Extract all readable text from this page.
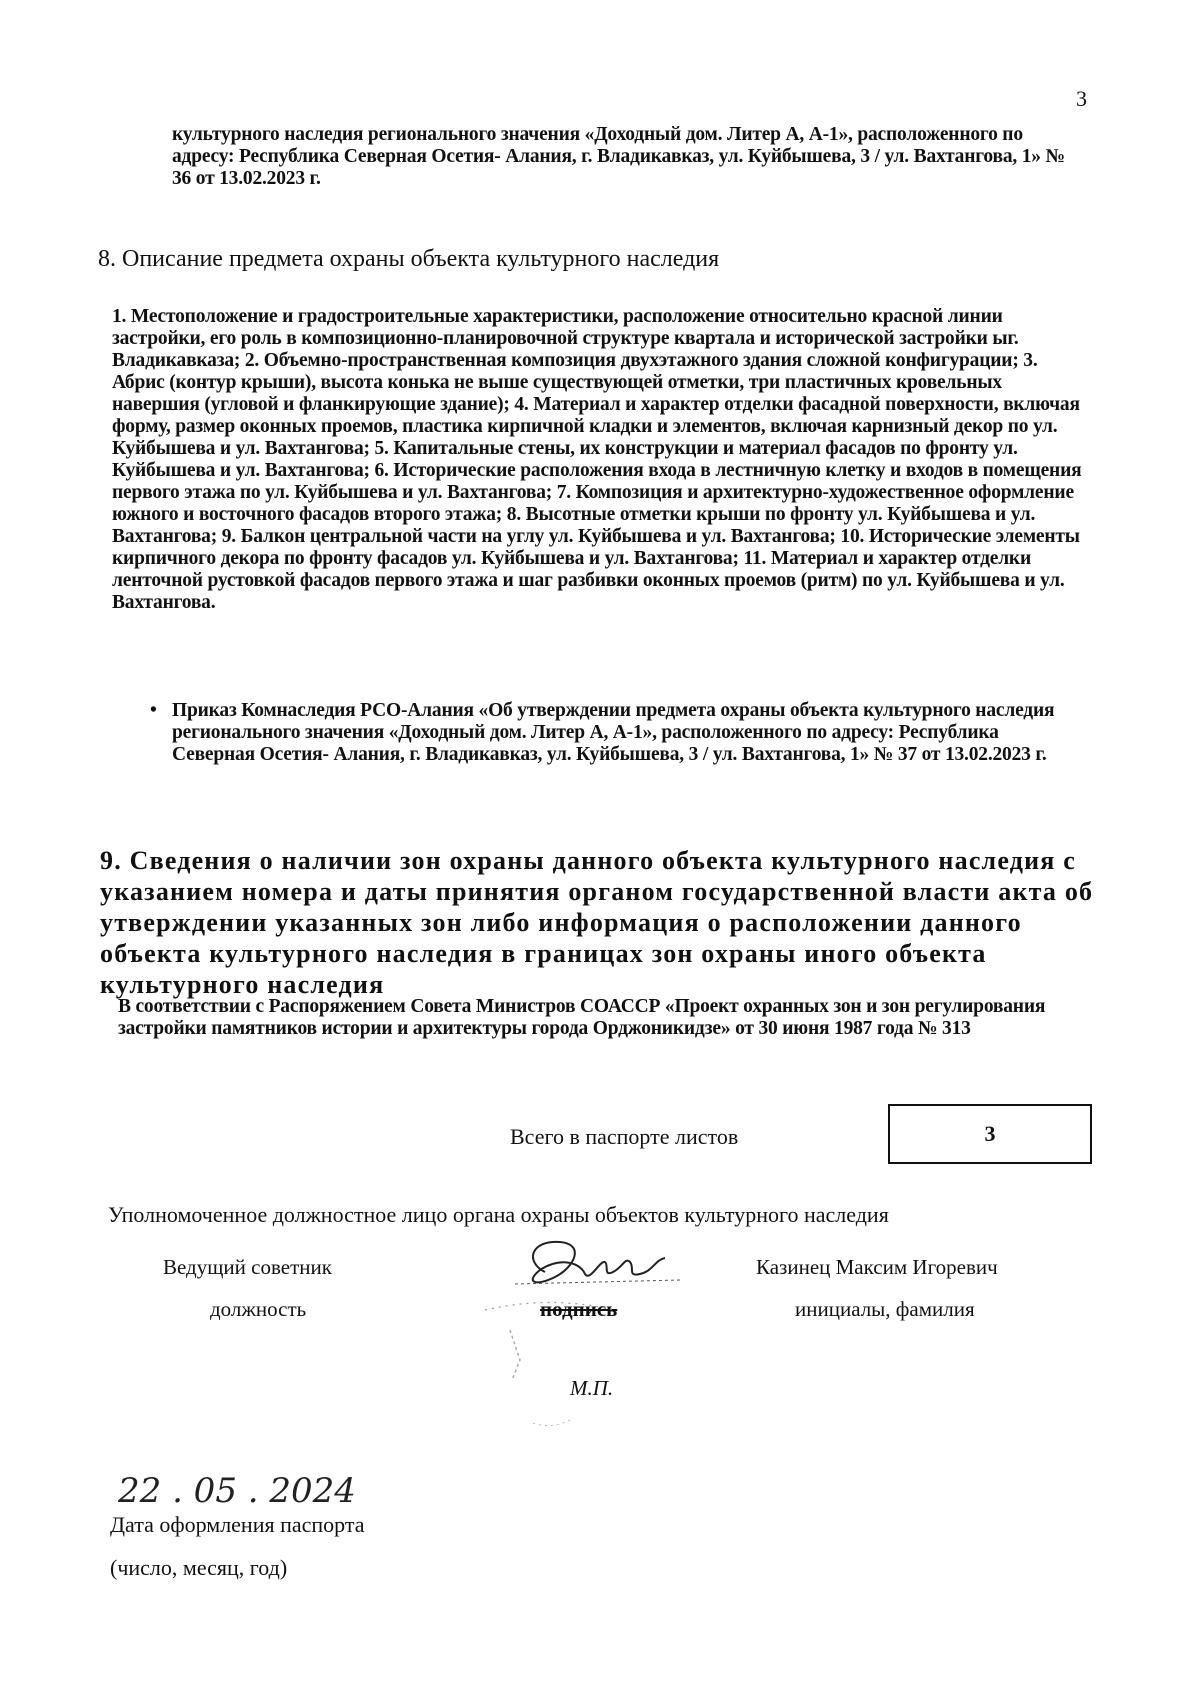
3
культурного наследия регионального значения «Доходный дом. Литер А, А-1», расположенного по адресу: Республика Северная Осетия- Алания, г. Владикавказ, ул. Куйбышева, 3 / ул. Вахтангова, 1» № 36 от 13.02.2023 г.
8. Описание предмета охраны объекта культурного наследия
1. Местоположение и градостроительные характеристики, расположение относительно красной линии застройки, его роль в композиционно-планировочной структуре квартала и исторической застройки ыг. Владикавказа; 2. Объемно-пространственная композиция двухэтажного здания сложной конфигурации; 3. Абрис (контур крыши), высота конька не выше существующей отметки, три пластичных кровельных навершия (угловой и фланкирующие здание); 4. Материал и характер отделки фасадной поверхности, включая форму, размер оконных проемов, пластика кирпичной кладки и элементов, включая карнизный декор по ул. Куйбышева и ул. Вахтангова; 5. Капитальные стены, их конструкции и материал фасадов по фронту ул. Куйбышева и ул. Вахтангова; 6. Исторические расположения входа в лестничную клетку и входов в помещения первого этажа по ул. Куйбышева и ул. Вахтангова; 7. Композиция и архитектурно-художественное оформление южного и восточного фасадов второго этажа; 8. Высотные отметки крыши по фронту ул. Куйбышева и ул. Вахтангова; 9. Балкон центральной части на углу ул. Куйбышева и ул. Вахтангова; 10. Исторические элементы кирпичного декора по фронту фасадов ул. Куйбышева и ул. Вахтангова; 11. Материал и характер отделки ленточной рустовкой фасадов первого этажа и шаг разбивки оконных проемов (ритм) по ул. Куйбышева и ул. Вахтангова.
• Приказ Комнаследия РСО-Алания «Об утверждении предмета охраны объекта культурного наследия регионального значения «Доходный дом. Литер А, А-1», расположенного по адресу: Республика Северная Осетия- Алания, г. Владикавказ, ул. Куйбышева, 3 / ул. Вахтангова, 1» № 37 от 13.02.2023 г.
9. Сведения о наличии зон охраны данного объекта культурного наследия с указанием номера и даты принятия органом государственной власти акта об утверждении указанных зон либо информация о расположении данного объекта культурного наследия в границах зон охраны иного объекта культурного наследия
В соответствии с Распоряжением Совета Министров СОАССР «Проект охранных зон и зон регулирования застройки памятников истории и архитектуры города Орджоникидзе» от 30 июня 1987 года № 313
Всего в паспорте листов	3
Уполномоченное должностное лицо органа охраны объектов культурного наследия
Ведущий советник	Казинец Максим Игоревич
должность	подпись	инициалы, фамилия
М.П.
22 . 05 . 2024
Дата оформления паспорта
(число, месяц, год)
